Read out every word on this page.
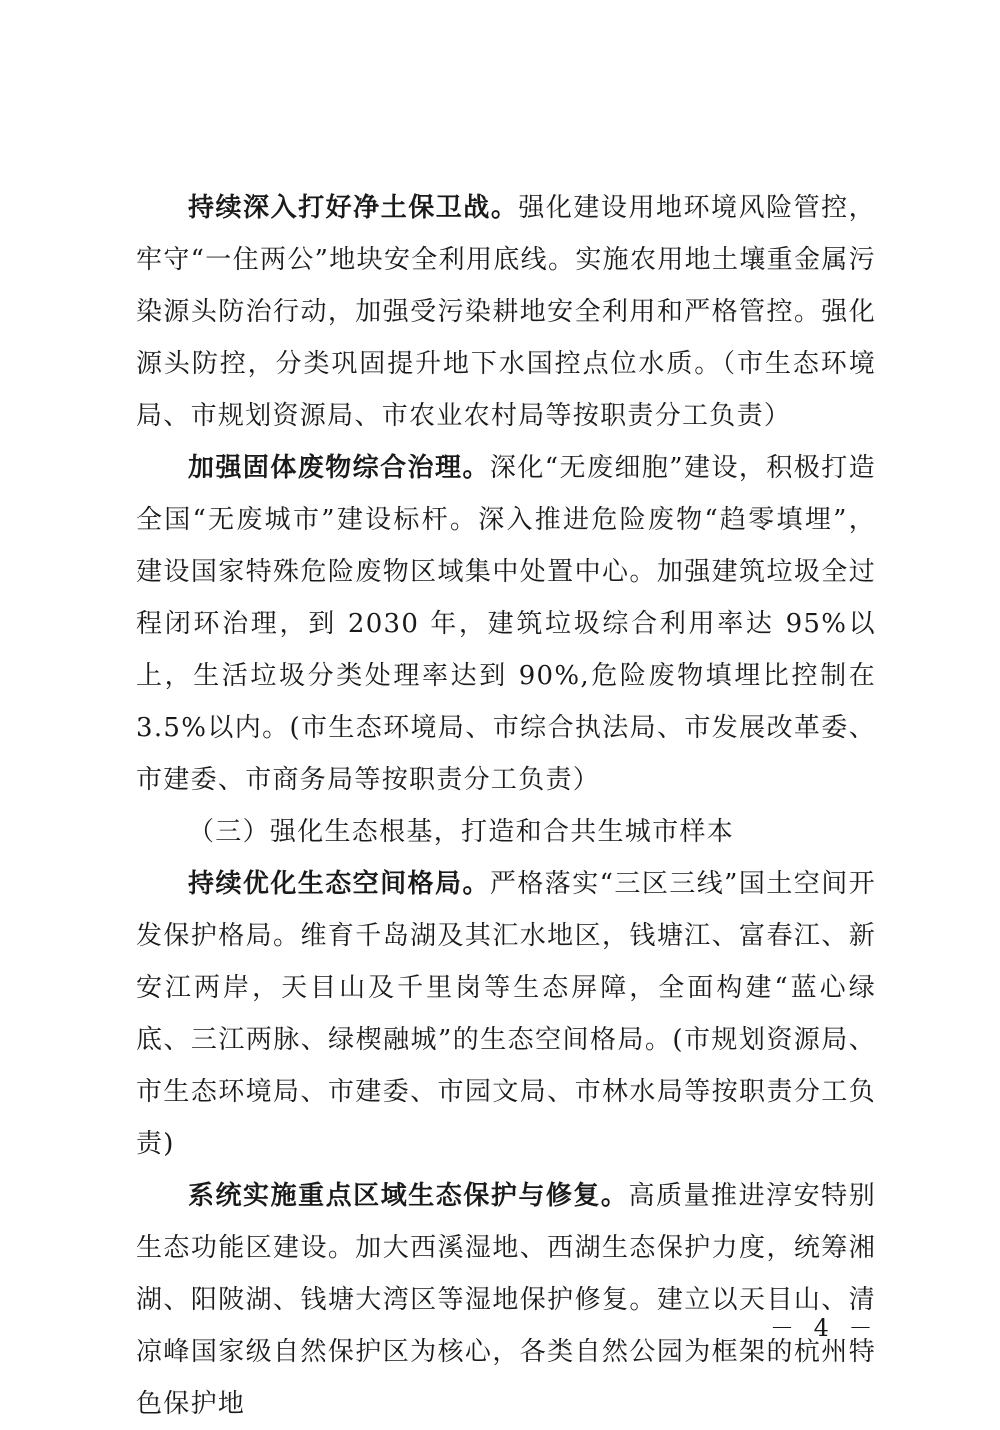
持续深入打好净土保卫战。强化建设用地环境风险管控，牢守“一住两公”地块安全利用底线。实施农用地土壤重金属污染源头防治行动，加强受污染耕地安全利用和严格管控。强化源头防控，分类巩固提升地下水国控点位水质。（市生态环境局、市规划资源局、市农业农村局等按职责分工负责）

加强固体废物综合治理。深化“无废细胞”建设，积极打造全国“无废城市”建设标杆。深入推进危险废物“趋零填埋”，建设国家特殊危险废物区域集中处置中心。加强建筑垃圾全过程闭环治理，到 2030 年，建筑垃圾综合利用率达 95%以上，生活垃圾分类处理率达到 90%,危险废物填埋比控制在 3.5%以内。(市生态环境局、市综合执法局、市发展改革委、市建委、市商务局等按职责分工负责）

（三）强化生态根基，打造和合共生城市样本

持续优化生态空间格局。严格落实“三区三线”国土空间开发保护格局。维育千岛湖及其汇水地区，钱塘江、富春江、新安江两岸，天目山及千里岗等生态屏障，全面构建“蓝心绿底、三江两脉、绿楔融城”的生态空间格局。(市规划资源局、市生态环境局、市建委、市园文局、市林水局等按职责分工负责)

系统实施重点区域生态保护与修复。高质量推进淳安特别生态功能区建设。加大西溪湿地、西湖生态保护力度，统筹湘湖、阳陂湖、钱塘大湾区等湿地保护修复。建立以天目山、清凉峰国家级自然保护区为核心，各类自然公园为框架的杭州特色保护地

－ 4 －
